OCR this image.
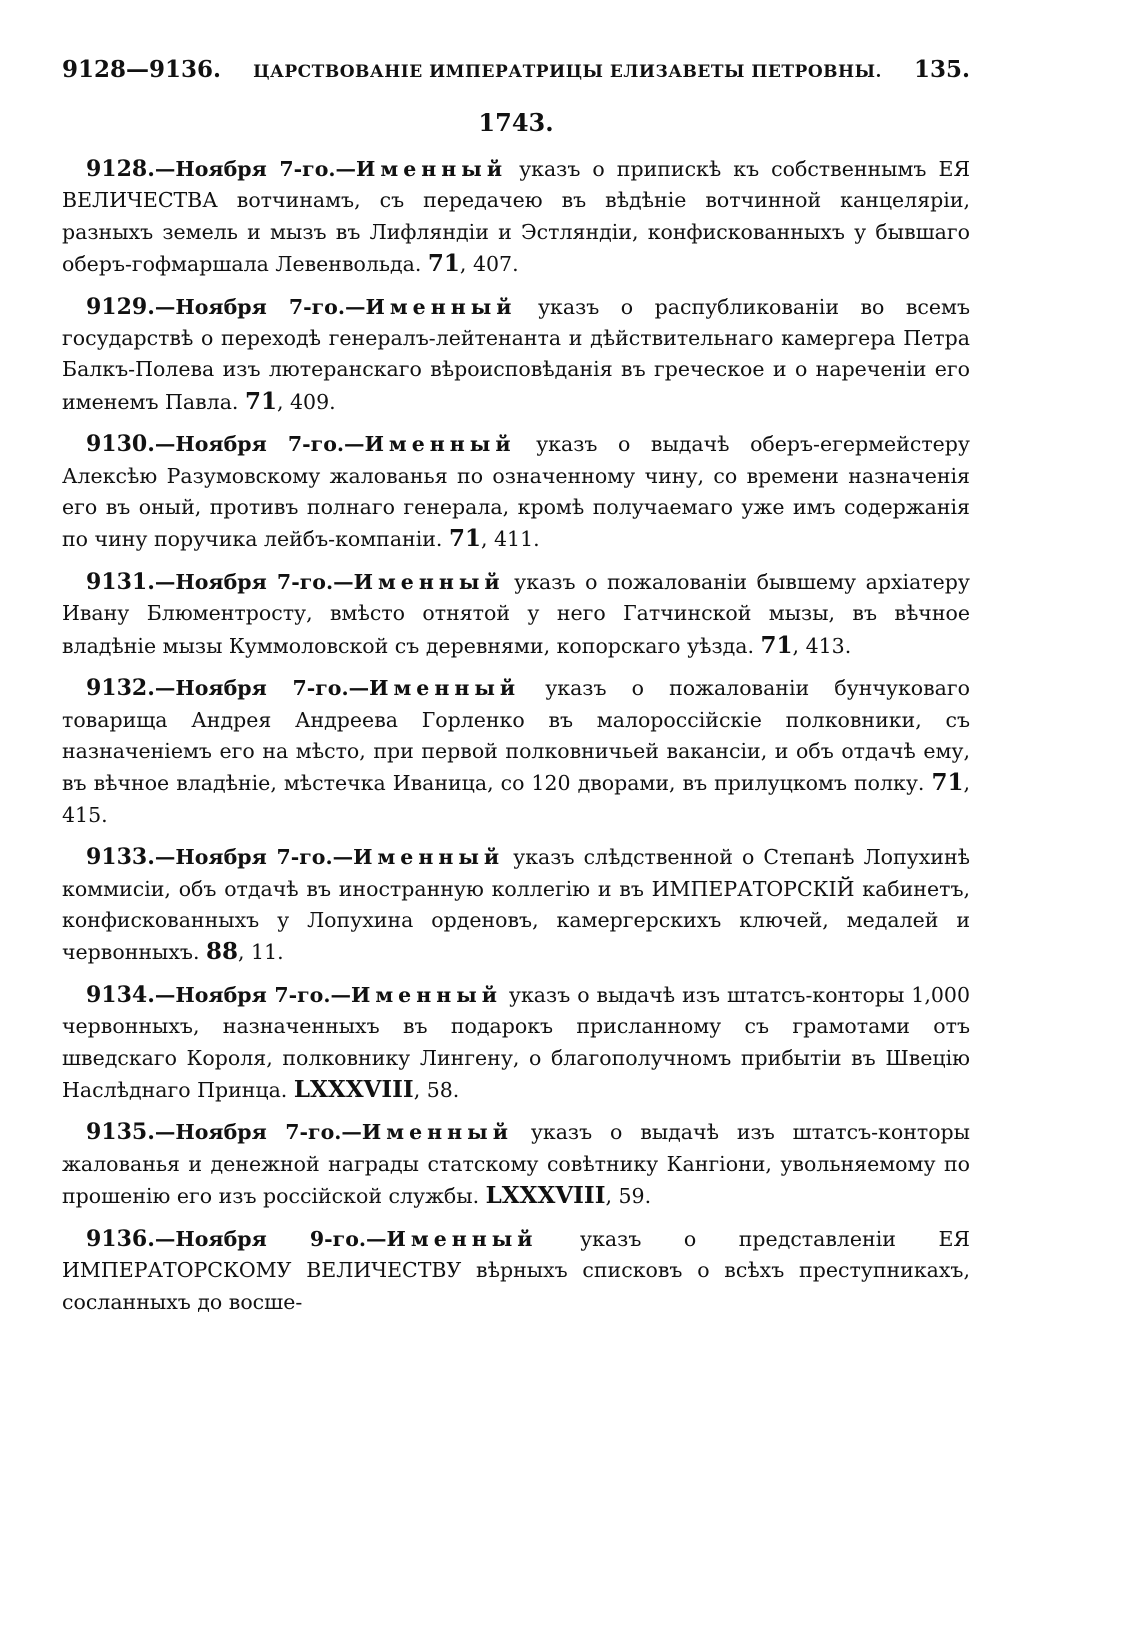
9128—9136. ЦАРСТВОВАНІЕ ИМПЕРАТРИЦЫ ЕЛИЗАВЕТЫ ПЕТРОВНЫ. 135.
1743.
9128.—Ноября 7-го.—Именный указъ о припискѣ къ собственнымъ ЕЯ ВЕЛИЧЕСТВА вотчинамъ, съ передачею въ вѣдѣніе вотчинной канцеляріи, разныхъ земель и мызъ въ Лифляндіи и Эстляндіи, конфискованныхъ у бывшаго оберъ-гофмаршала Левенвольда. 71, 407.
9129.—Ноября 7-го.—Именный указъ о распубликованіи во всемъ государствѣ о переходѣ генералъ-лейтенанта и дѣйствительнаго камергера Петра Балкъ-Полева изъ лютеранскаго вѣроисповѣданія въ греческое и о нареченіи его именемъ Павла. 71, 409.
9130.—Ноября 7-го.—Именный указъ о выдачѣ оберъ-егермейстеру Алексѣю Разумовскому жалованья по означенному чину, со времени назначенія его въ оный, противъ полнаго генерала, кромѣ получаемаго уже имъ содержанія по чину поручика лейбъ-компаніи. 71, 411.
9131.—Ноября 7-го.—Именный указъ о пожалованіи бывшему архіатеру Ивану Блюментросту, вмѣсто отнятой у него Гатчинской мызы, въ вѣчное владѣніе мызы Куммоловской съ деревнями, копорскаго уѣзда. 71, 413.
9132.—Ноября 7-го.—Именный указъ о пожалованіи бунчуковаго товарища Андрея Андреева Горленко въ малороссійскіе полковники, съ назначеніемъ его на мѣсто, при первой полковничьей вакансіи, и объ отдачѣ ему, въ вѣчное владѣніе, мѣстечка Иваница, со 120 дворами, въ прилуцкомъ полку. 71, 415.
9133.—Ноября 7-го.—Именный указъ слѣдственной о Степанѣ Лопухинѣ коммисіи, объ отдачѣ въ иностранную коллегію и въ ИМПЕРАТОРСКІЙ кабинетъ, конфискованныхъ у Лопухина орденовъ, камергерскихъ ключей, медалей и червонныхъ. 88, 11.
9134.—Ноября 7-го.—Именный указъ о выдачѣ изъ штатсъ-конторы 1,000 червонныхъ, назначенныхъ въ подарокъ присланному съ грамотами отъ шведскаго Короля, полковнику Лингену, о благополучномъ прибытіи въ Швецію Наслѣднаго Принца. LXXXVIII, 58.
9135.—Ноября 7-го.—Именный указъ о выдачѣ изъ штатсъ-конторы жалованья и денежной награды статскому совѣтнику Кангіони, увольняемому по прошенію его изъ россійской службы. LXXXVIII, 59.
9136.—Ноября 9-го.—Именный указъ о представленіи ЕЯ ИМПЕРАТОРСКОМУ ВЕЛИЧЕСТВУ вѣрныхъ списковъ о всѣхъ преступникахъ, сосланныхъ до восше-
